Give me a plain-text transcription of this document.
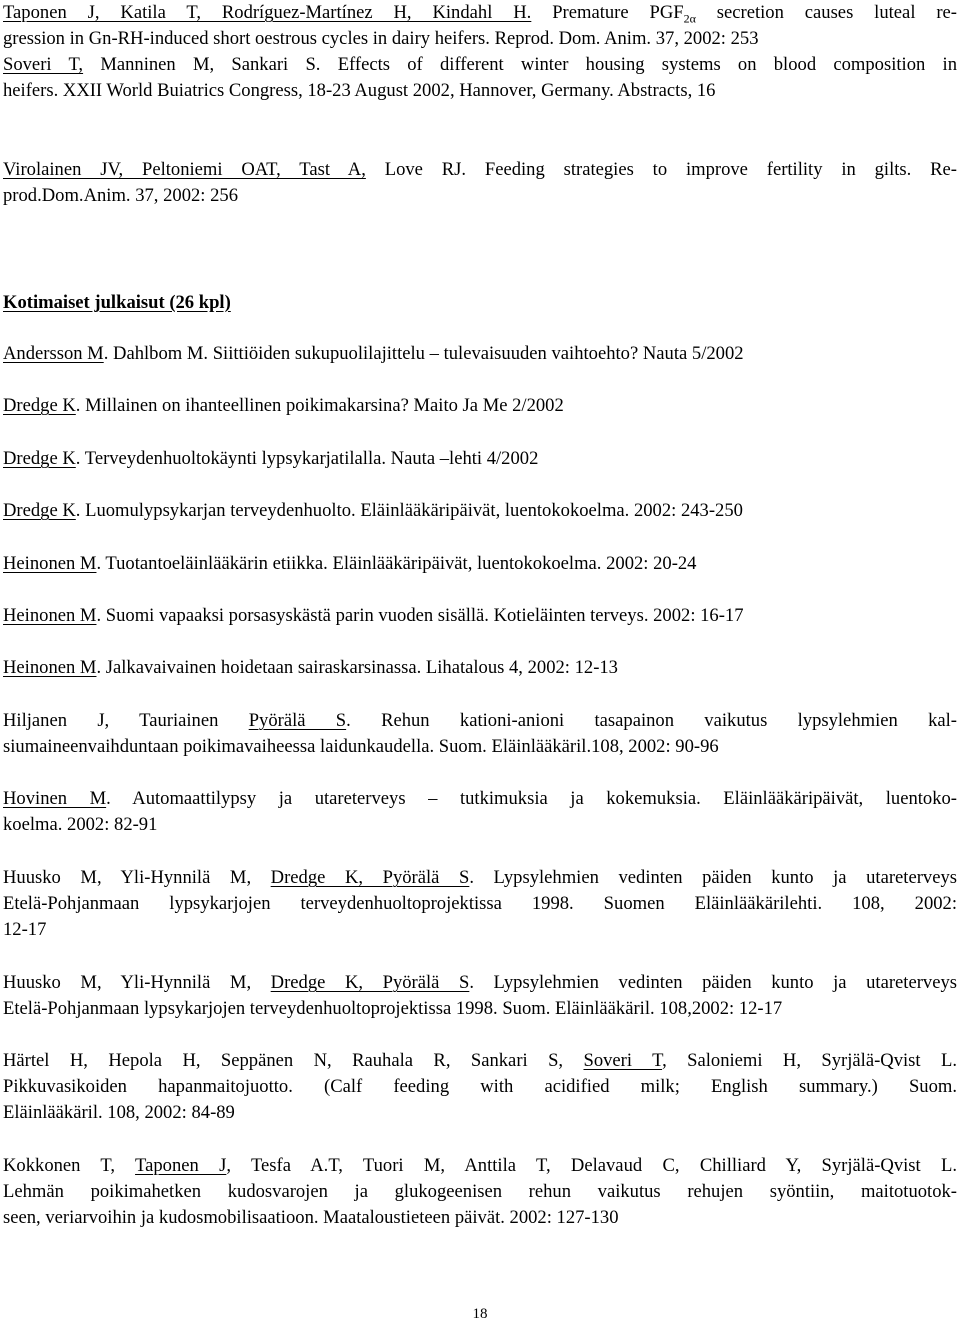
Taponen J, Katila T, Rodríguez-Martínez H, Kindahl H. Premature $PGF_{2\alpha}$ secretion causes luteal re-
gression in Gn-RH-induced short oestrous cycles in dairy heifers. Reprod. Dom. Anim. 37, 2002: 253
Soveri T, Manninen M, Sankari S. Effects of different winter housing systems on blood composition in
heifers. XXII World Buiatrics Congress, 18-23 August 2002, Hannover, Germany. Abstracts, 16
Virolainen JV, Peltoniemi OAT, Tast A, Love RJ. Feeding strategies to improve fertility in gilts. Re-
prod.Dom.Anim. 37, 2002: 256
Kotimaiset julkaisut (26 kpl)
Andersson M. Dahlbom M. Siittiöiden sukupuolilajittelu – tulevaisuuden vaihtoehto? Nauta 5/2002
Dredge K. Millainen on ihanteellinen poikimakarsina? Maito Ja Me 2/2002
Dredge K. Terveydenhuoltokäynti lypsykarjatilalla. Nauta –lehti 4/2002
Dredge K. Luomulypsykarjan terveydenhuolto. Eläinlääkäripäivät, luentokokoelma. 2002: 243-250
Heinonen M. Tuotantoeläinlääkärin etiikka. Eläinlääkäripäivät, luentokokoelma. 2002: 20-24
Heinonen M. Suomi vapaaksi porsasyskästä parin vuoden sisällä. Kotieläinten terveys. 2002: 16-17
Heinonen M. Jalkavaivainen hoidetaan sairaskarsinassa. Lihatalous 4, 2002: 12-13
Hiljanen J, Tauriainen Pyörälä S. Rehun kationi-anioni tasapainon vaikutus lypsylehmien kal-
siumaineenvaihduntaan poikimavaiheessa laidunkaudella. Suom. Eläinlääkäril.108, 2002: 90-96
Hovinen M. Automaattilypsy ja utareterveys – tutkimuksia ja kokemuksia. Eläinlääkäripäivät, luentoko-
koelma. 2002: 82-91
Huusko M, Yli-Hynnilä M, Dredge K, Pyörälä S. Lypsylehmien vedinten päiden kunto ja utareterveys
Etelä-Pohjanmaan lypsykarjojen terveydenhuoltoprojektissa 1998. Suomen Eläinlääkärilehti. 108, 2002:
12-17
Huusko M, Yli-Hynnilä M, Dredge K, Pyörälä S. Lypsylehmien vedinten päiden kunto ja utareterveys
Etelä-Pohjanmaan lypsykarjojen terveydenhuoltoprojektissa 1998. Suom. Eläinlääkäril. 108,2002: 12-17
Härtel H, Hepola H, Seppänen N, Rauhala R, Sankari S, Soveri T, Saloniemi H, Syrjälä-Qvist L.
Pikkuvasikoiden hapanmaitojuotto. (Calf feeding with acidified milk; English summary.) Suom.
Eläinlääkäril. 108, 2002: 84-89
Kokkonen T, Taponen J, Tesfa A.T, Tuori M, Anttila T, Delavaud C, Chilliard Y, Syrjälä-Qvist L.
Lehmän poikimahetken kudosvarojen ja glukogeenisen rehun vaikutus rehujen syöntiin, maitotuotok-
seen, veriarvoihin ja kudosmobilisaatioon. Maataloustieteen päivät. 2002: 127-130
18
